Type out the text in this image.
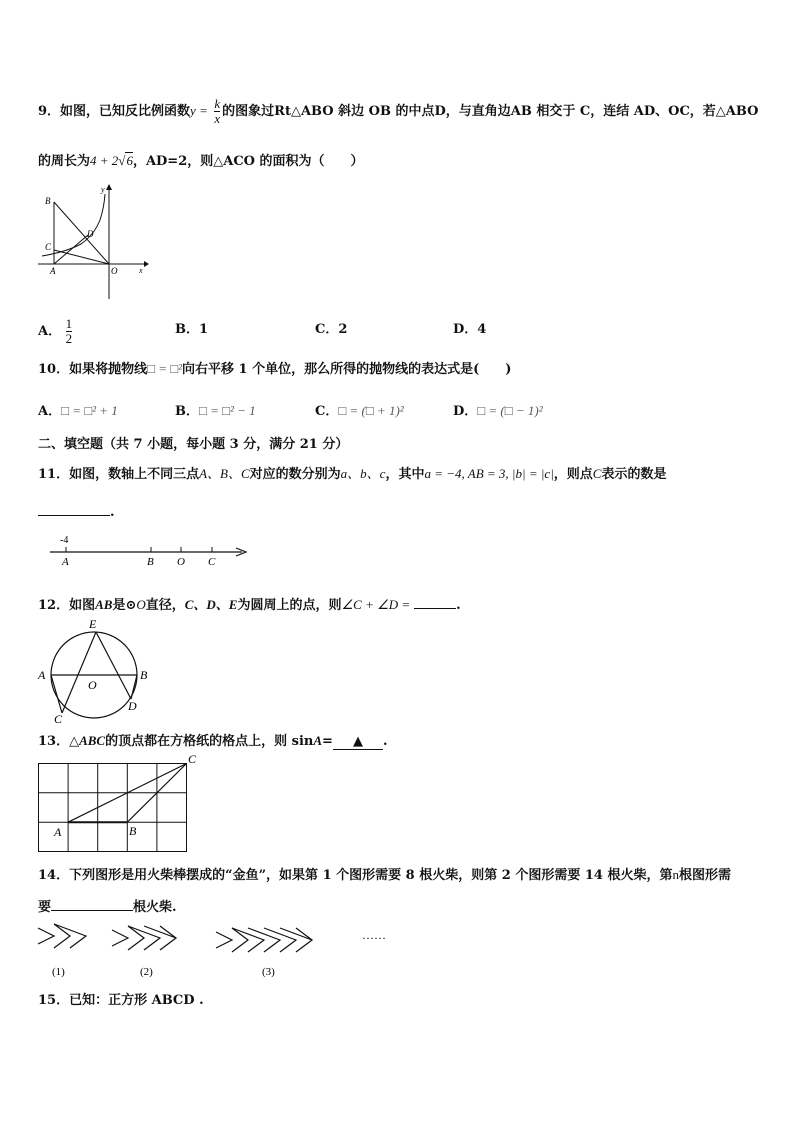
9．如图，已知反比例函数$y = \frac{k}{x}$ 的图象过Rt△ABO 斜边 OB 的中点D，与直角边AB 相交于 C，连结 AD、OC，若△ABO
的周长为4 + 2√6，AD=2，则△ACO 的面积为（　　）
B
C
D
A	O	x
y
A． $\frac{1}{2}$	B．1	C．2	D．4
10．如果将抛物线□ = □²向右平移 1 个单位，那么所得的抛物线的表达式是(　　)
A．□ = □² + 1	B．□ = □² − 1	C．□ = (□ + 1)²	D．□ = (□ − 1)²
二、填空题（共 7 小题，每小题 3 分，满分 21 分）
11．如图，数轴上不同三点A、B、C对应的数分别为a、b、c，其中a = −4, AB = 3, |b| = |c|，则点C表示的数是
.
-4
A	B O C
12．如图AB是⊙O直径，C、D、E为圆周上的点，则∠C + ∠D =	.
E
A
O
B
C
D
13．△ABC的顶点都在方格纸的格点上，则 sinA= ▲ .
C
A	B
14．下列图形是用火柴棒摆成的“金鱼”，如果第 1 个图形需要 8 根火柴，则第 2 个图形需要 14 根火柴，第n根图形需
要	根火柴.
……
(1)	(2)	(3)
15．已知：正方形 ABCD .
